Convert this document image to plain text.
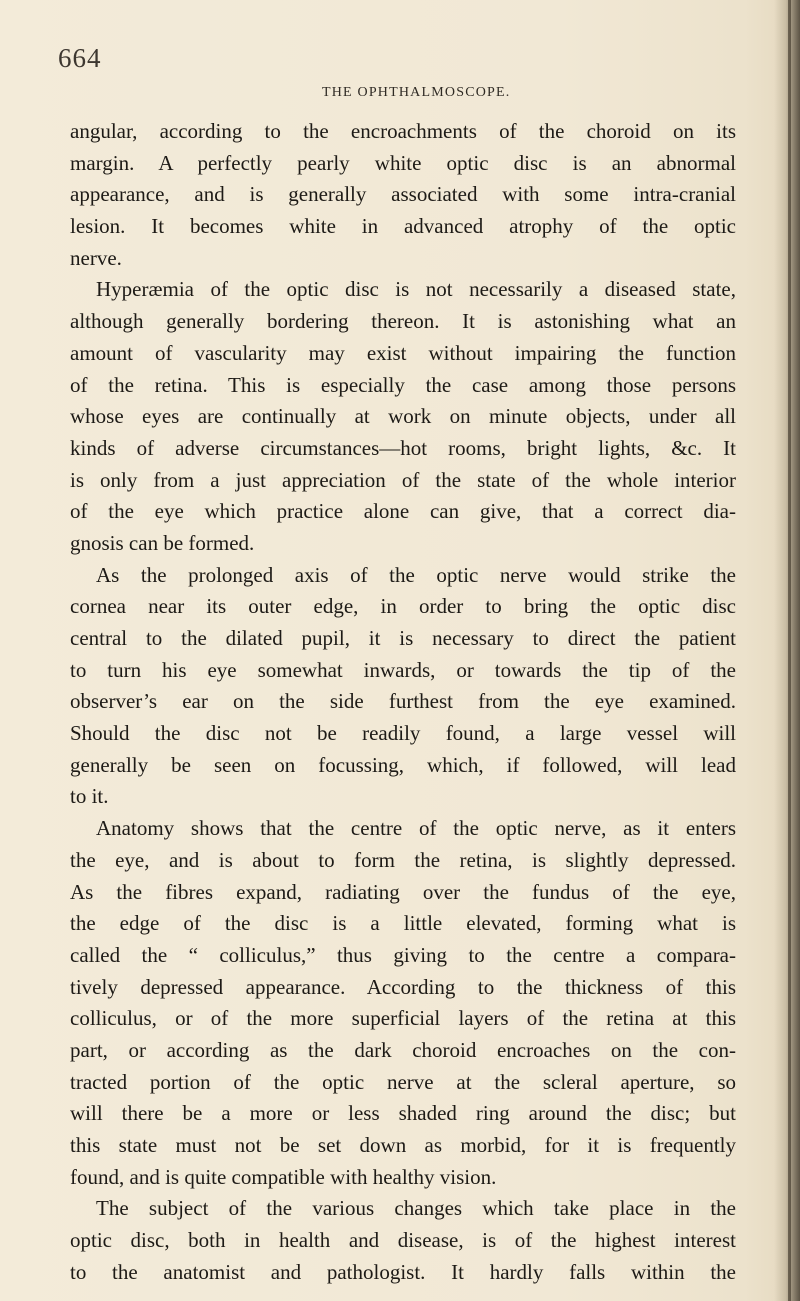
664
THE OPHTHALMOSCOPE.
angular, according to the encroachments of the choroid on its
margin. A perfectly pearly white optic disc is an abnormal
appearance, and is generally associated with some intra-cranial
lesion. It becomes white in advanced atrophy of the optic
nerve.
Hyperæmia of the optic disc is not necessarily a diseased state,
although generally bordering thereon. It is astonishing what an
amount of vascularity may exist without impairing the function
of the retina. This is especially the case among those persons
whose eyes are continually at work on minute objects, under all
kinds of adverse circumstances—hot rooms, bright lights, &c. It
is only from a just appreciation of the state of the whole interior
of the eye which practice alone can give, that a correct dia-
gnosis can be formed.
As the prolonged axis of the optic nerve would strike the
cornea near its outer edge, in order to bring the optic disc
central to the dilated pupil, it is necessary to direct the patient
to turn his eye somewhat inwards, or towards the tip of the
observer’s ear on the side furthest from the eye examined.
Should the disc not be readily found, a large vessel will
generally be seen on focussing, which, if followed, will lead
to it.
Anatomy shows that the centre of the optic nerve, as it enters
the eye, and is about to form the retina, is slightly depressed.
As the fibres expand, radiating over the fundus of the eye,
the edge of the disc is a little elevated, forming what is
called the “ colliculus,” thus giving to the centre a compara-
tively depressed appearance. According to the thickness of this
colliculus, or of the more superficial layers of the retina at this
part, or according as the dark choroid encroaches on the con-
tracted portion of the optic nerve at the scleral aperture, so
will there be a more or less shaded ring around the disc; but
this state must not be set down as morbid, for it is frequently
found, and is quite compatible with healthy vision.
The subject of the various changes which take place in the
optic disc, both in health and disease, is of the highest interest
to the anatomist and pathologist. It hardly falls within the
